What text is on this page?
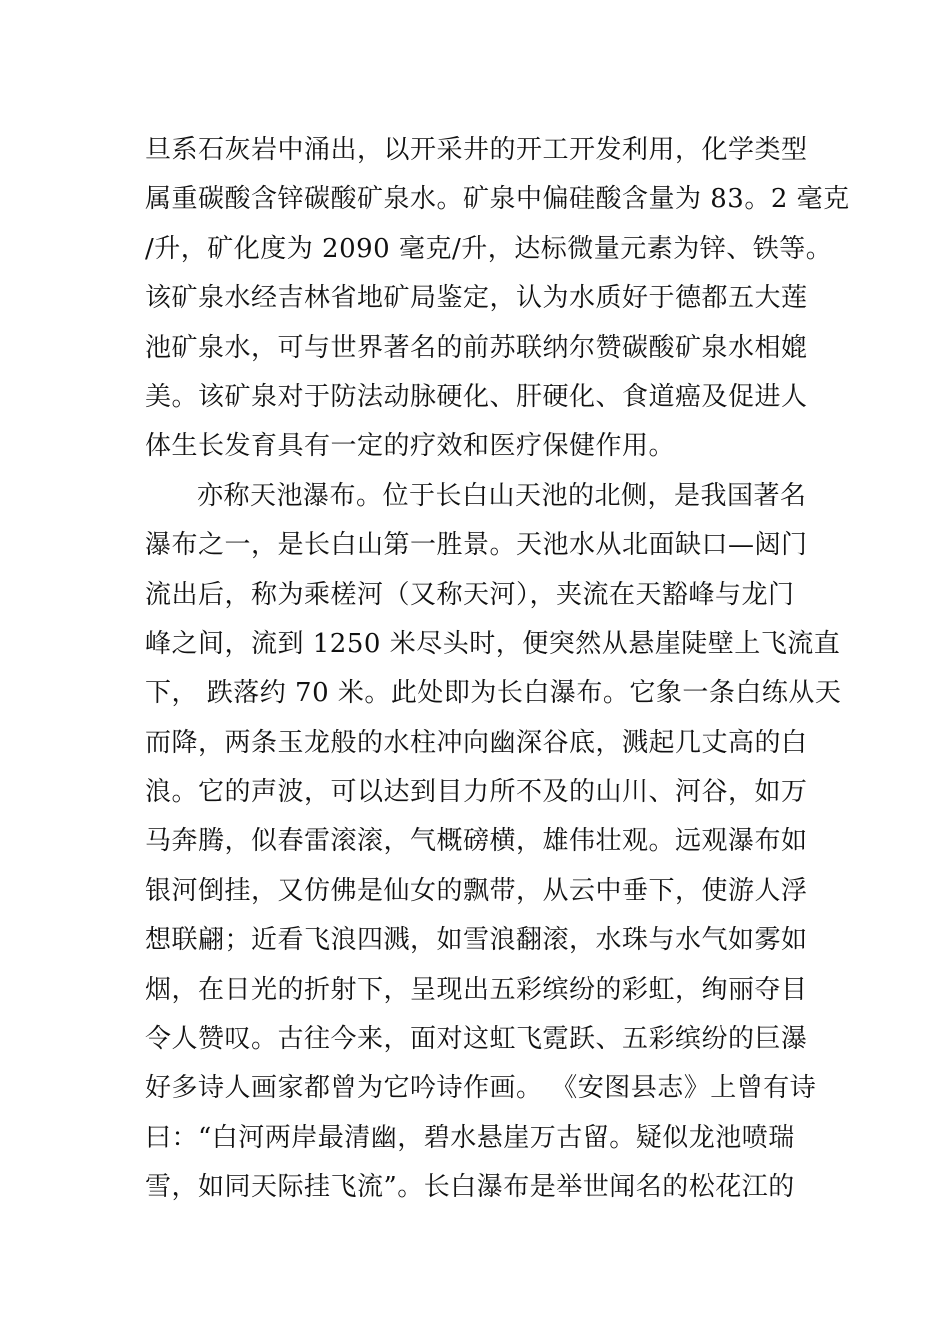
旦系石灰岩中涌出，以开采井的开工开发利用，化学类型
属重碳酸含锌碳酸矿泉水。矿泉中偏硅酸含量为 83。2 毫克
/升，矿化度为 2090 毫克/升，达标微量元素为锌、铁等。
该矿泉水经吉林省地矿局鉴定，认为水质好于德都五大莲
池矿泉水，可与世界著名的前苏联纳尔赞碳酸矿泉水相媲
美。该矿泉对于防法动脉硬化、肝硬化、食道癌及促进人
体生长发育具有一定的疗效和医疗保健作用。
亦称天池瀑布。位于长白山天池的北侧，是我国著名
瀑布之一，是长白山第一胜景。天池水从北面缺口—闼门
流出后，称为乘槎河（又称天河），夹流在天豁峰与龙门
峰之间，流到 1250 米尽头时，便突然从悬崖陡壁上飞流直
下， 跌落约 70 米。此处即为长白瀑布。它象一条白练从天
而降，两条玉龙般的水柱冲向幽深谷底，溅起几丈高的白
浪。它的声波，可以达到目力所不及的山川、河谷，如万
马奔腾，似春雷滚滚，气概磅横，雄伟壮观。远观瀑布如
银河倒挂，又仿佛是仙女的飘带，从云中垂下，使游人浮
想联翩；近看飞浪四溅，如雪浪翻滚，水珠与水气如雾如
烟，在日光的折射下，呈现出五彩缤纷的彩虹，绚丽夺目
令人赞叹。古往今来，面对这虹飞霓跃、五彩缤纷的巨瀑
好多诗人画家都曾为它吟诗作画。 《安图县志》上曾有诗
曰：“白河两岸最清幽，碧水悬崖万古留。疑似龙池喷瑞
雪，如同天际挂飞流”。长白瀑布是举世闻名的松花江的
